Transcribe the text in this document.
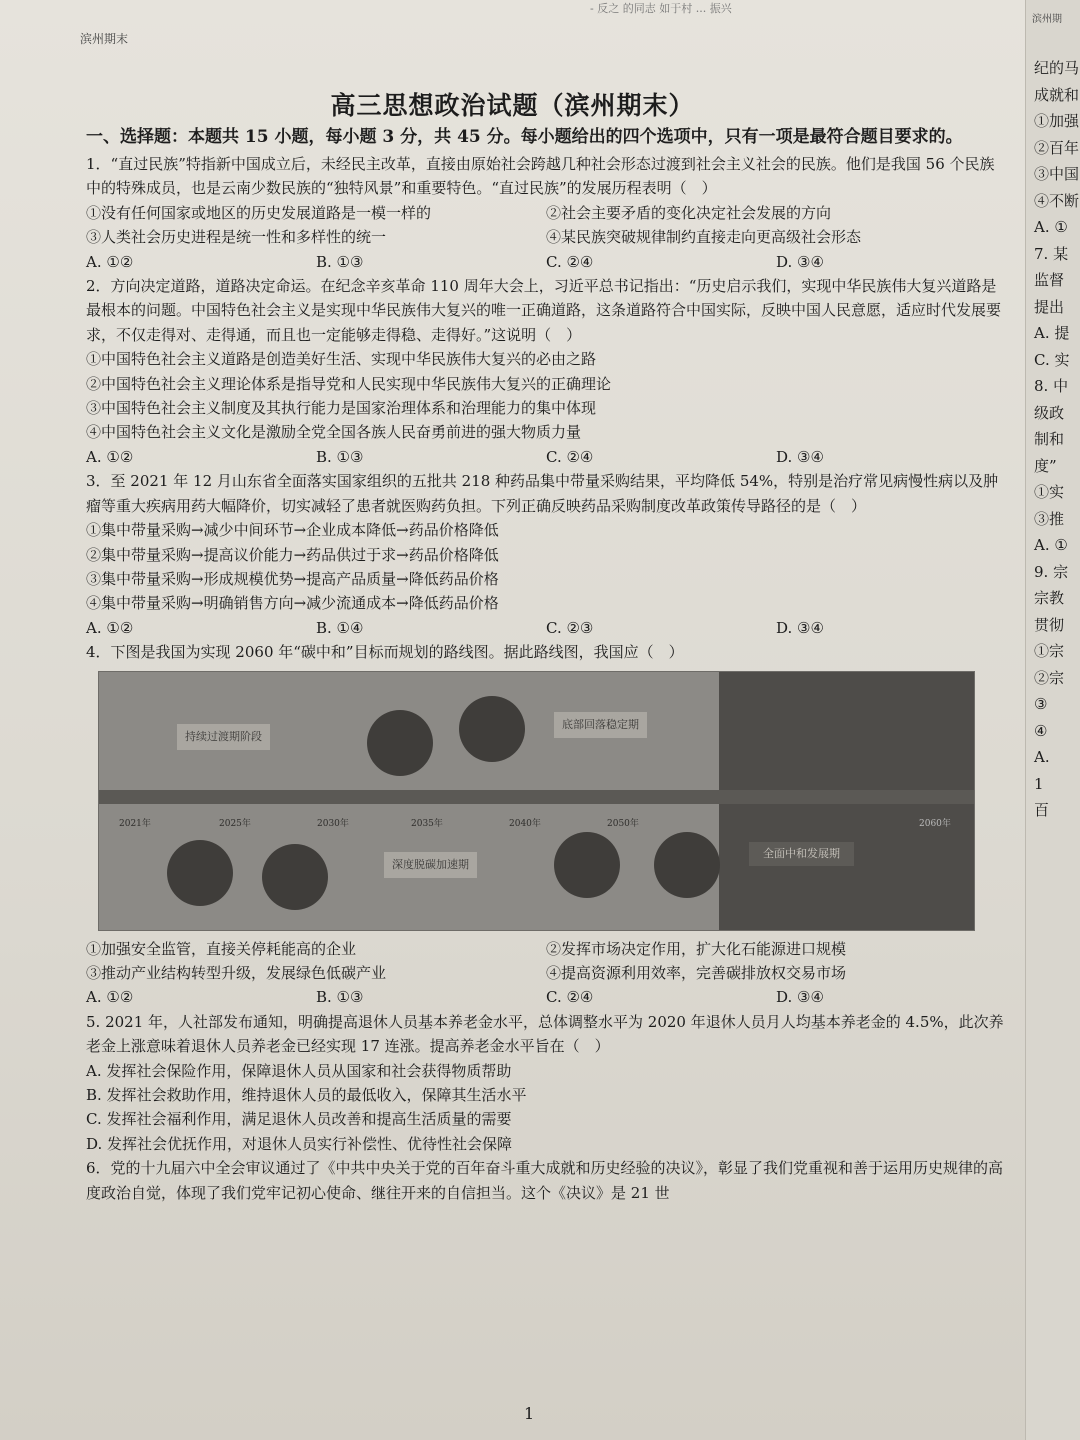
滨州期末
- 反之 的同志 如于村 ... 振兴
高三思想政治试题（滨州期末）
一、选择题：本题共 15 小题，每小题 3 分，共 45 分。每小题给出的四个选项中，只有一项是最符合题目要求的。

1．“直过民族”特指新中国成立后，未经民主改革，直接由原始社会跨越几种社会形态过渡到社会主义社会的民族。他们是我国 56 个民族中的特殊成员，也是云南少数民族的“独特风景”和重要特色。“直过民族”的发展历程表明（　）

①没有任何国家或地区的历史发展道路是一模一样的	②社会主要矛盾的变化决定社会发展的方向
③人类社会历史进程是统一性和多样性的统一	④某民族突破规律制约直接走向更高级社会形态
A. ①②	B. ①③	C. ②④	D. ③④

2．方向决定道路，道路决定命运。在纪念辛亥革命 110 周年大会上，习近平总书记指出：“历史启示我们，实现中华民族伟大复兴道路是最根本的问题。中国特色社会主义是实现中华民族伟大复兴的唯一正确道路，这条道路符合中国实际，反映中国人民意愿，适应时代发展要求，不仅走得对、走得通，而且也一定能够走得稳、走得好。”这说明（　）

①中国特色社会主义道路是创造美好生活、实现中华民族伟大复兴的必由之路
②中国特色社会主义理论体系是指导党和人民实现中华民族伟大复兴的正确理论
③中国特色社会主义制度及其执行能力是国家治理体系和治理能力的集中体现
④中国特色社会主义文化是激励全党全国各族人民奋勇前进的强大物质力量
A. ①②	B. ①③	C. ②④	D. ③④

3．至 2021 年 12 月山东省全面落实国家组织的五批共 218 种药品集中带量采购结果，平均降低 54%，特别是治疗常见病慢性病以及肿瘤等重大疾病用药大幅降价，切实减轻了患者就医购药负担。下列正确反映药品采购制度改革政策传导路径的是（　）

①集中带量采购→减少中间环节→企业成本降低→药品价格降低
②集中带量采购→提高议价能力→药品供过于求→药品价格降低
③集中带量采购→形成规模优势→提高产品质量→降低药品价格
④集中带量采购→明确销售方向→减少流通成本→降低药品价格
A. ①②	B. ①④	C. ②③	D. ③④

4．下图是我国为实现 2060 年“碳中和”目标而规划的路线图。据此路线图，我国应（　）

持续过渡期阶段
底部回落稳定期
深度脱碳加速期
全面中和发展期
2021年	2025年	2030年	2035年	2040年	2050年	2060年
①加强安全监管，直接关停耗能高的企业	②发挥市场决定作用，扩大化石能源进口规模
③推动产业结构转型升级，发展绿色低碳产业	④提高资源利用效率，完善碳排放权交易市场
A. ①②	B. ①③	C. ②④	D. ③④

5. 2021 年，人社部发布通知，明确提高退休人员基本养老金水平，总体调整水平为 2020 年退休人员月人均基本养老金的 4.5%，此次养老金上涨意味着退休人员养老金已经实现 17 连涨。提高养老金水平旨在（　）

A. 发挥社会保险作用，保障退休人员从国家和社会获得物质帮助
B. 发挥社会救助作用，维持退休人员的最低收入，保障其生活水平
C. 发挥社会福利作用，满足退休人员改善和提高生活质量的需要
D. 发挥社会优抚作用，对退休人员实行补偿性、优待性社会保障

6．党的十九届六中全会审议通过了《中共中央关于党的百年奋斗重大成就和历史经验的决议》，彰显了我们党重视和善于运用历史规律的高度政治自觉，体现了我们党牢记初心使命、继往开来的自信担当。这个《决议》是 21 世

1
滨州期
纪的马
成就和
①加强
②百年
③中国
④不断
A. ①
7. 某
监督
提出
A. 提
C. 实
8. 中
级政
制和
度”
①实
③推
A. ①
9. 宗
宗教
贯彻
①宗
②宗
③
④
A.
1
百
